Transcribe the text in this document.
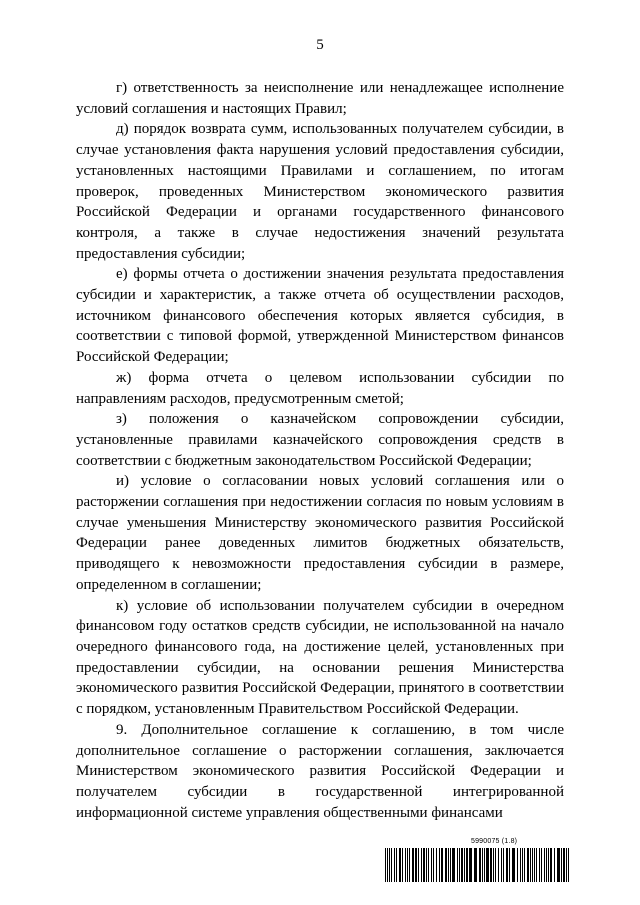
5

г) ответственность за неисполнение или ненадлежащее исполнение условий соглашения и настоящих Правил;

д) порядок возврата сумм, использованных получателем субсидии, в случае установления факта нарушения условий предоставления субсидии, установленных настоящими Правилами и соглашением, по итогам проверок, проведенных Министерством экономического развития Российской Федерации и органами государственного финансового контроля, а также в случае недостижения значений результата предоставления субсидии;

е) формы отчета о достижении значения результата предоставления субсидии и характеристик, а также отчета об осуществлении расходов, источником финансового обеспечения которых является субсидия, в соответствии с типовой формой, утвержденной Министерством финансов Российской Федерации;

ж) форма отчета о целевом использовании субсидии по направлениям расходов, предусмотренным сметой;

з) положения о казначейском сопровождении субсидии, установленные правилами казначейского сопровождения средств в соответствии с бюджетным законодательством Российской Федерации;

и) условие о согласовании новых условий соглашения или о расторжении соглашения при недостижении согласия по новым условиям в случае уменьшения Министерству экономического развития Российской Федерации ранее доведенных лимитов бюджетных обязательств, приводящего к невозможности предоставления субсидии в размере, определенном в соглашении;

к) условие об использовании получателем субсидии в очередном финансовом году остатков средств субсидии, не использованной на начало очередного финансового года, на достижение целей, установленных при предоставлении субсидии, на основании решения Министерства экономического развития Российской Федерации, принятого в соответствии с порядком, установленным Правительством Российской Федерации.

9. Дополнительное соглашение к соглашению, в том числе дополнительное соглашение о расторжении соглашения, заключается Министерством экономического развития Российской Федерации и получателем субсидии в государственной интегрированной информационной системе управления общественными финансами

5990075 (1.8)
